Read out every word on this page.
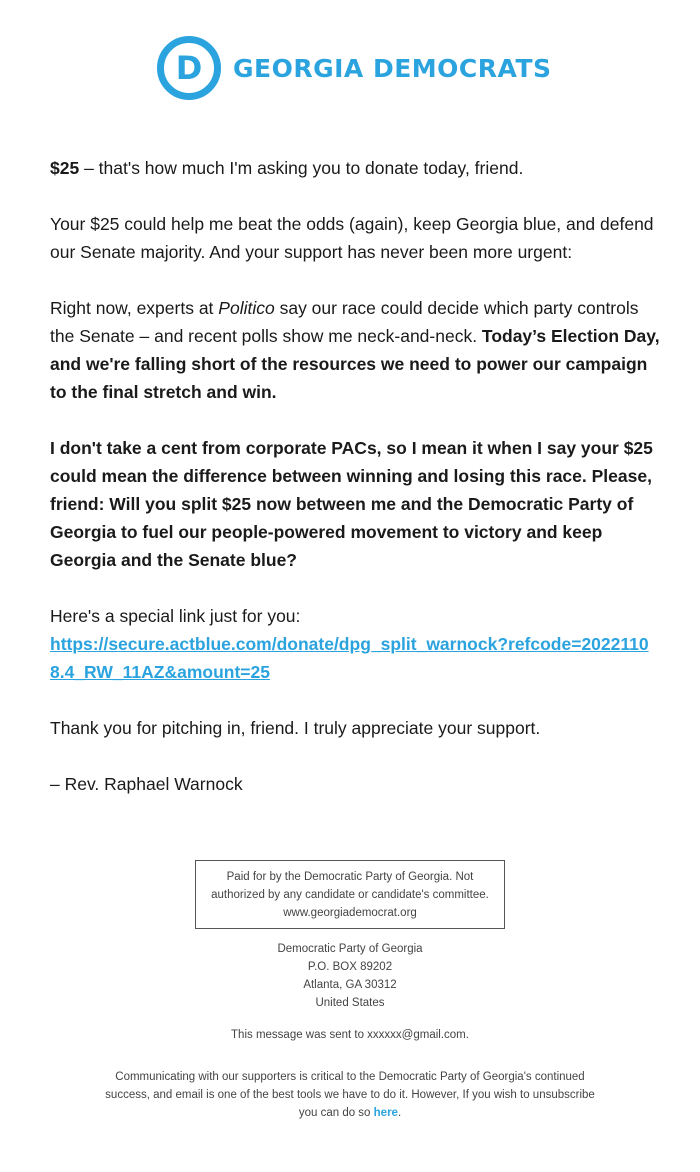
D GEORGIA DEMOCRATS

$25 – that's how much I'm asking you to donate today, friend.

Your $25 could help me beat the odds (again), keep Georgia blue, and defend our Senate majority. And your support has never been more urgent:

Right now, experts at Politico say our race could decide which party controls the Senate – and recent polls show me neck-and-neck. Today’s Election Day, and we're falling short of the resources we need to power our campaign to the final stretch and win.

I don't take a cent from corporate PACs, so I mean it when I say your $25 could mean the difference between winning and losing this race. Please, friend: Will you split $25 now between me and the Democratic Party of Georgia to fuel our people-powered movement to victory and keep Georgia and the Senate blue?

Here's a special link just for you:
https://secure.actblue.com/donate/dpg_split_warnock?refcode=20221108.4_RW_11AZ&amount=25

Thank you for pitching in, friend. I truly appreciate your support.

– Rev. Raphael Warnock

Paid for by the Democratic Party of Georgia. Not
authorized by any candidate or candidate's committee.
www.georgiademocrat.org
Democratic Party of Georgia
P.O. BOX 89202
Atlanta, GA 30312
United States
This message was sent to xxxxxx@gmail.com.
Communicating with our supporters is critical to the Democratic Party of Georgia's continued success, and email is one of the best tools we have to do it. However, If you wish to unsubscribe you can do so here.
